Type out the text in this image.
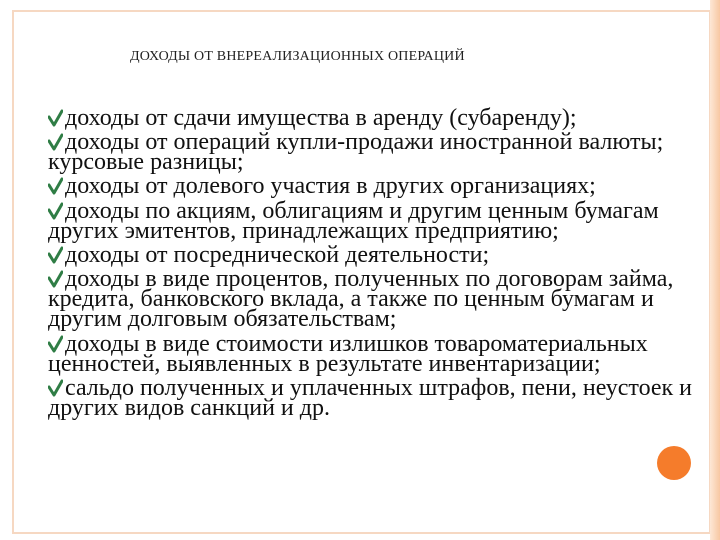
ДОХОДЫ ОТ ВНЕРЕАЛИЗАЦИОННЫХ ОПЕРАЦИЙ
доходы от сдачи имущества в аренду (субаренду);
доходы от операций купли-продажи иностранной валюты; курсовые разницы;
доходы от долевого участия в других организациях;
доходы по акциям, облигациям и другим ценным бумагам других эмитентов, принадлежащих предприятию;
доходы от посреднической деятельности;
доходы в виде процентов, полученных по договорам займа, кредита, банковского вклада, а также по ценным бумагам и другим долговым обязательствам;
доходы в виде стоимости излишков товароматериальных ценностей, выявленных в результате инвентаризации;
сальдо полученных и уплаченных штрафов, пени, неустоек и других видов санкций и др.
